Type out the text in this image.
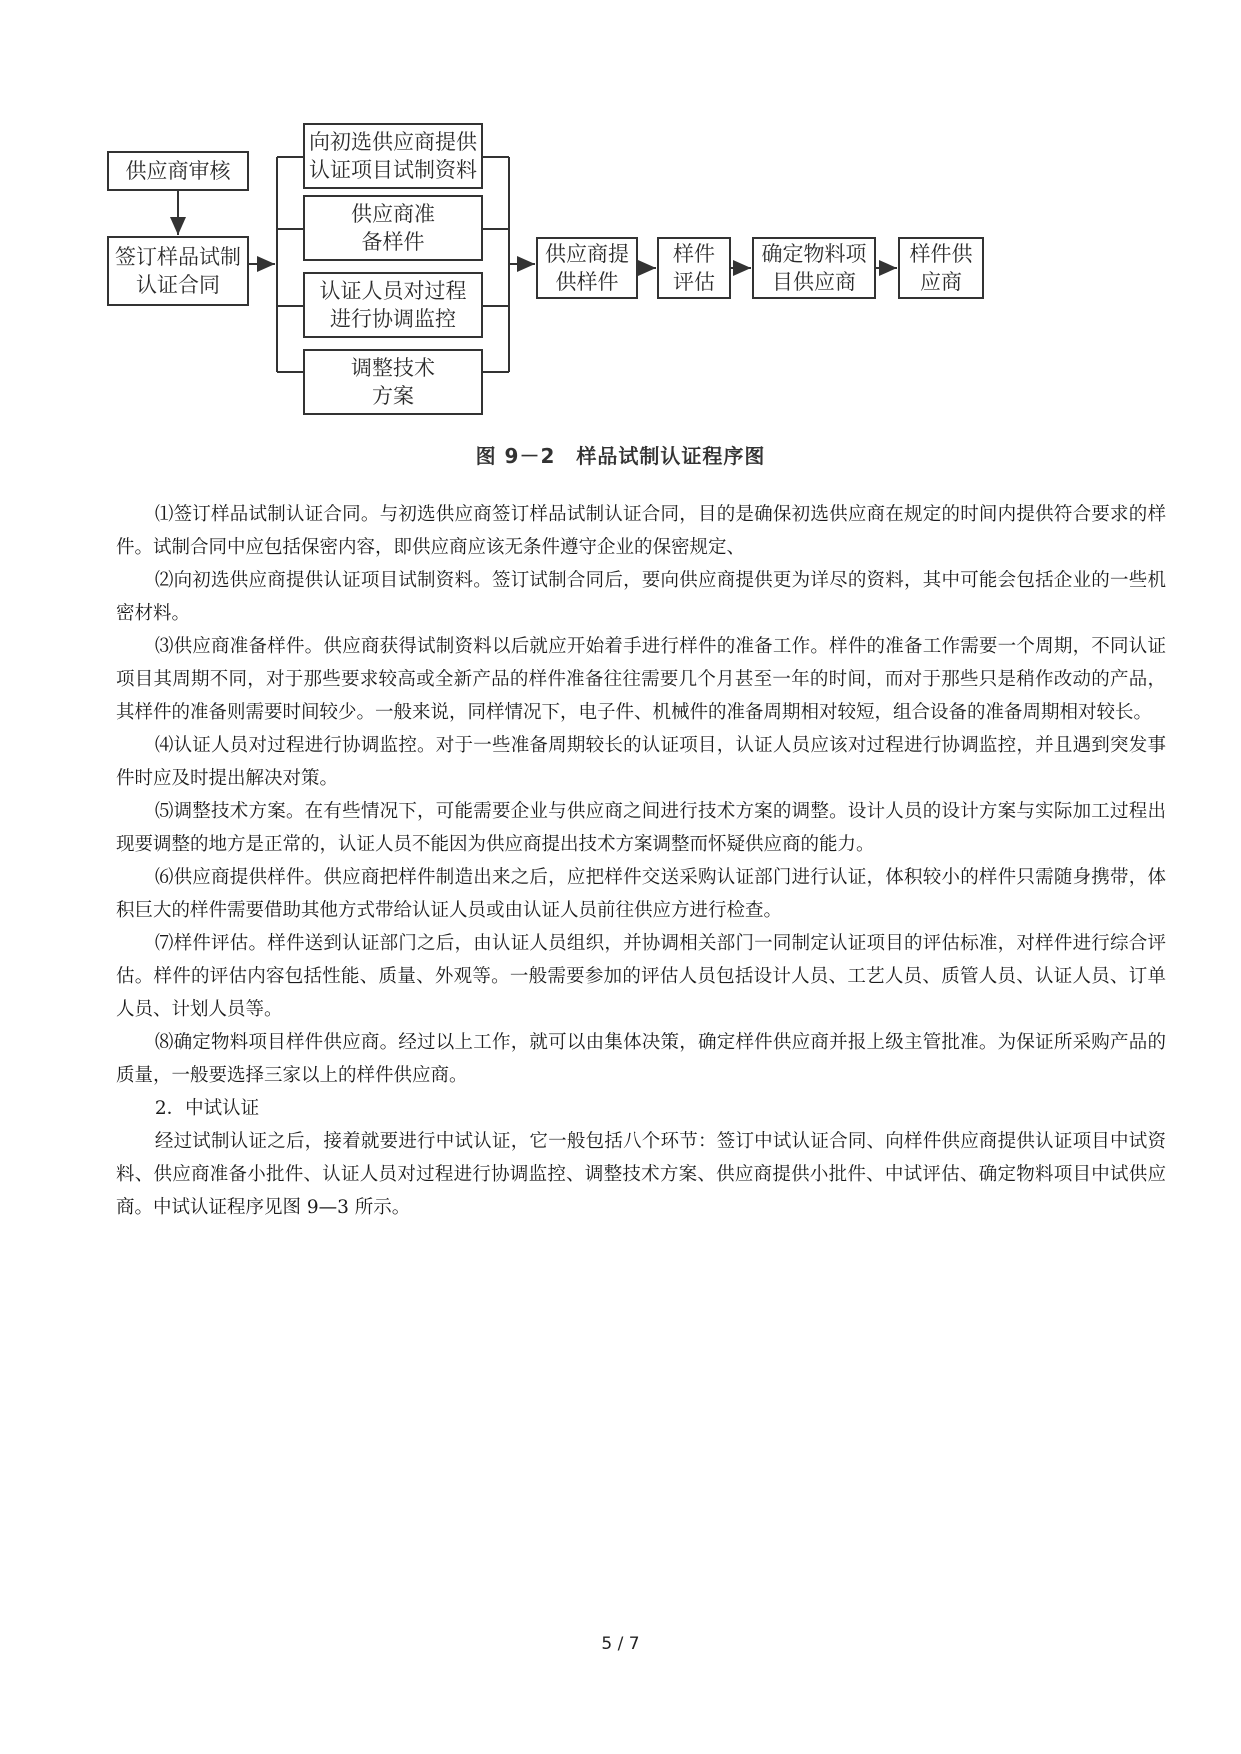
供应商审核
签订样品试制
认证合同
向初选供应商提供
认证项目试制资料
供应商准
备样件
认证人员对过程
进行协调监控
调整技术
方案
供应商提
供样件
样件
评估
确定物料项
目供应商
样件供
应商
图 9－2　样品试制认证程序图

⑴签订样品试制认证合同。与初选供应商签订样品试制认证合同，目的是确保初选供应商在规定的时间内提供符合要求的样件。试制合同中应包括保密内容，即供应商应该无条件遵守企业的保密规定、

⑵向初选供应商提供认证项目试制资料。签订试制合同后，要向供应商提供更为详尽的资料，其中可能会包括企业的一些机密材料。

⑶供应商准备样件。供应商获得试制资料以后就应开始着手进行样件的准备工作。样件的准备工作需要一个周期，不同认证项目其周期不同，对于那些要求较高或全新产品的样件准备往往需要几个月甚至一年的时间，而对于那些只是稍作改动的产品，其样件的准备则需要时间较少。一般来说，同样情况下，电子件、机械件的准备周期相对较短，组合设备的准备周期相对较长。

⑷认证人员对过程进行协调监控。对于一些准备周期较长的认证项目，认证人员应该对过程进行协调监控，并且遇到突发事件时应及时提出解决对策。

⑸调整技术方案。在有些情况下，可能需要企业与供应商之间进行技术方案的调整。设计人员的设计方案与实际加工过程出现要调整的地方是正常的，认证人员不能因为供应商提出技术方案调整而怀疑供应商的能力。

⑹供应商提供样件。供应商把样件制造出来之后，应把样件交送采购认证部门进行认证，体积较小的样件只需随身携带，体积巨大的样件需要借助其他方式带给认证人员或由认证人员前往供应方进行检查。

⑺样件评估。样件送到认证部门之后，由认证人员组织，并协调相关部门一同制定认证项目的评估标准，对样件进行综合评估。样件的评估内容包括性能、质量、外观等。一般需要参加的评估人员包括设计人员、工艺人员、质管人员、认证人员、订单人员、计划人员等。

⑻确定物料项目样件供应商。经过以上工作，就可以由集体决策，确定样件供应商并报上级主管批准。为保证所采购产品的质量，一般要选择三家以上的样件供应商。

2．中试认证

经过试制认证之后，接着就要进行中试认证，它一般包括八个环节：签订中试认证合同、向样件供应商提供认证项目中试资料、供应商准备小批件、认证人员对过程进行协调监控、调整技术方案、供应商提供小批件、中试评估、确定物料项目中试供应商。中试认证程序见图 9—3 所示。

5 / 7
